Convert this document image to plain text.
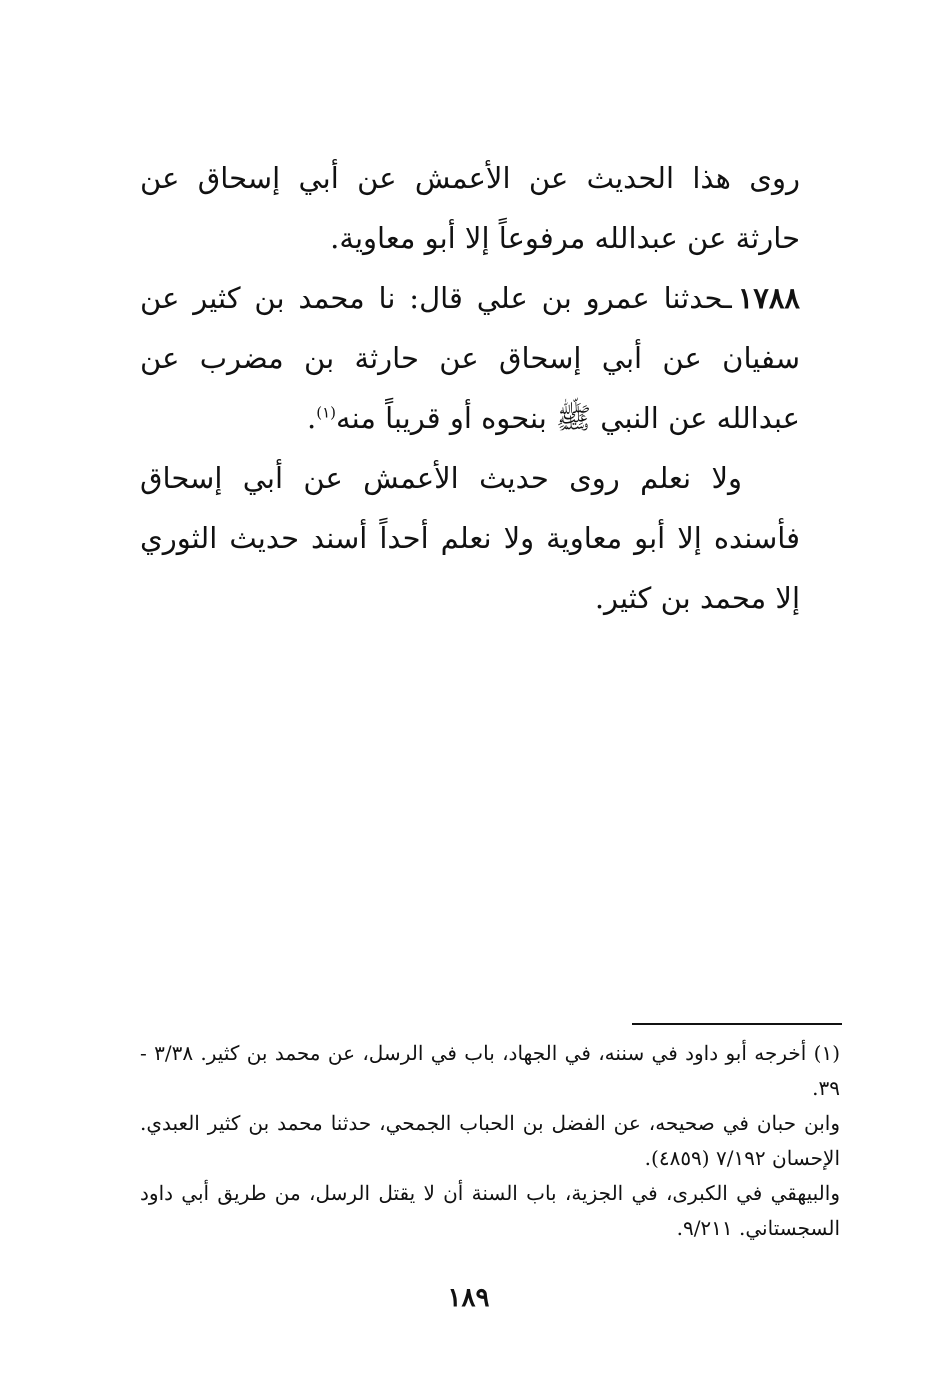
روى هذا الحديث عن الأعمش عن أبي إسحاق عن حارثة عن عبدالله مرفوعاً إلا أبو معاوية.

١٧٨٨ـحدثنا عمرو بن علي قال: نا محمد بن كثير عن سفيان عن أبي إسحاق عن حارثة بن مضرب عن عبدالله عن النبي ﷺ بنحوه أو قريباً منه$^{(١)}$.

ولا نعلم روى حديث الأعمش عن أبي إسحاق فأسنده إلا أبو معاوية ولا نعلم أحداً أسند حديث الثوري إلا محمد بن كثير.

(١) أخرجه أبو داود في سننه، في الجهاد، باب في الرسل، عن محمد بن كثير. ٣/٣٨ - ٣٩.

وابن حبان في صحيحه، عن الفضل بن الحباب الجمحي، حدثنا محمد بن كثير العبدي. الإحسان ٧/١٩٢ (٤٨٥٩).

والبيهقي في الكبرى، في الجزية، باب السنة أن لا يقتل الرسل، من طريق أبي داود السجستاني. ٩/٢١١.

١٨٩
